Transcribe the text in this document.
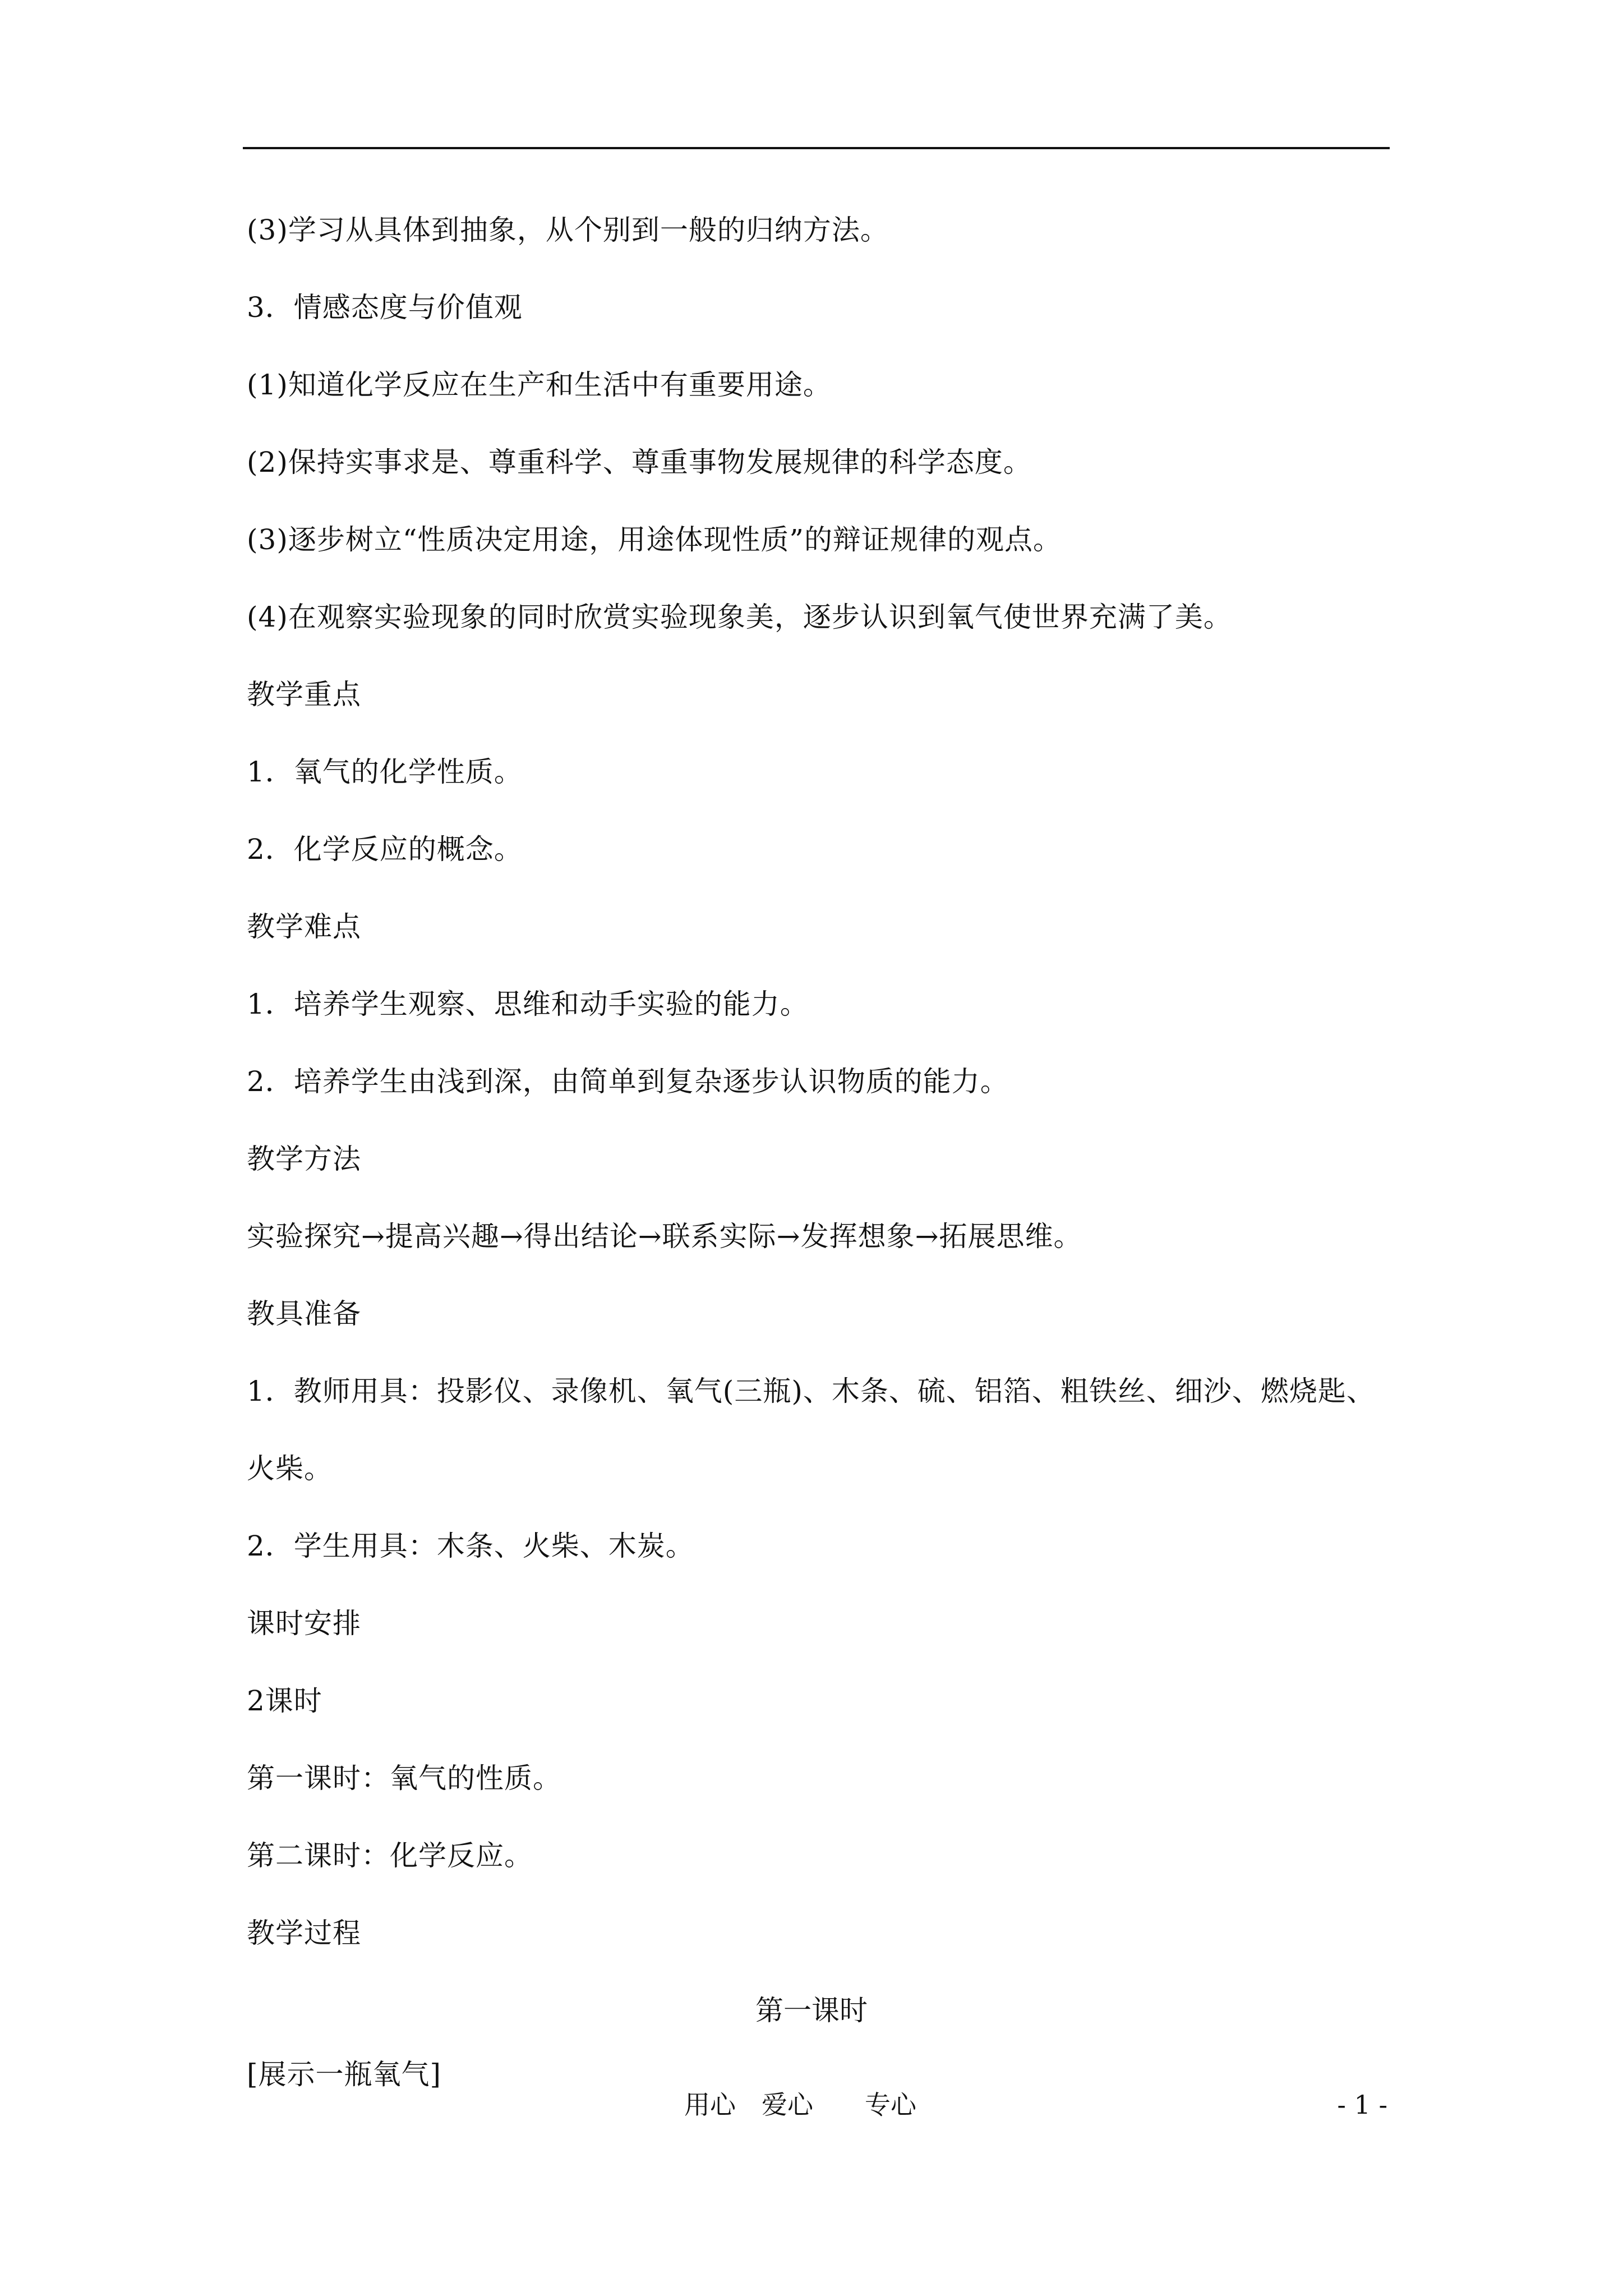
(3)学习从具体到抽象，从个别到一般的归纳方法。
3．情感态度与价值观
(1)知道化学反应在生产和生活中有重要用途。
(2)保持实事求是、尊重科学、尊重事物发展规律的科学态度。
(3)逐步树立“性质决定用途，用途体现性质”的辩证规律的观点。
(4)在观察实验现象的同时欣赏实验现象美，逐步认识到氧气使世界充满了美。
教学重点
1．氧气的化学性质。
2．化学反应的概念。
教学难点
1．培养学生观察、思维和动手实验的能力。
2．培养学生由浅到深，由简单到复杂逐步认识物质的能力。
教学方法
实验探究→提高兴趣→得出结论→联系实际→发挥想象→拓展思维。
教具准备
1．教师用具：投影仪、录像机、氧气(三瓶)、木条、硫、铝箔、粗铁丝、细沙、燃烧匙、
火柴。
2．学生用具：木条、火柴、木炭。
课时安排
2课时
第一课时：氧气的性质。
第二课时：化学反应。
教学过程
第一课时
[展示一瓶氧气]
用心　爱心　　专心	- 1 -
